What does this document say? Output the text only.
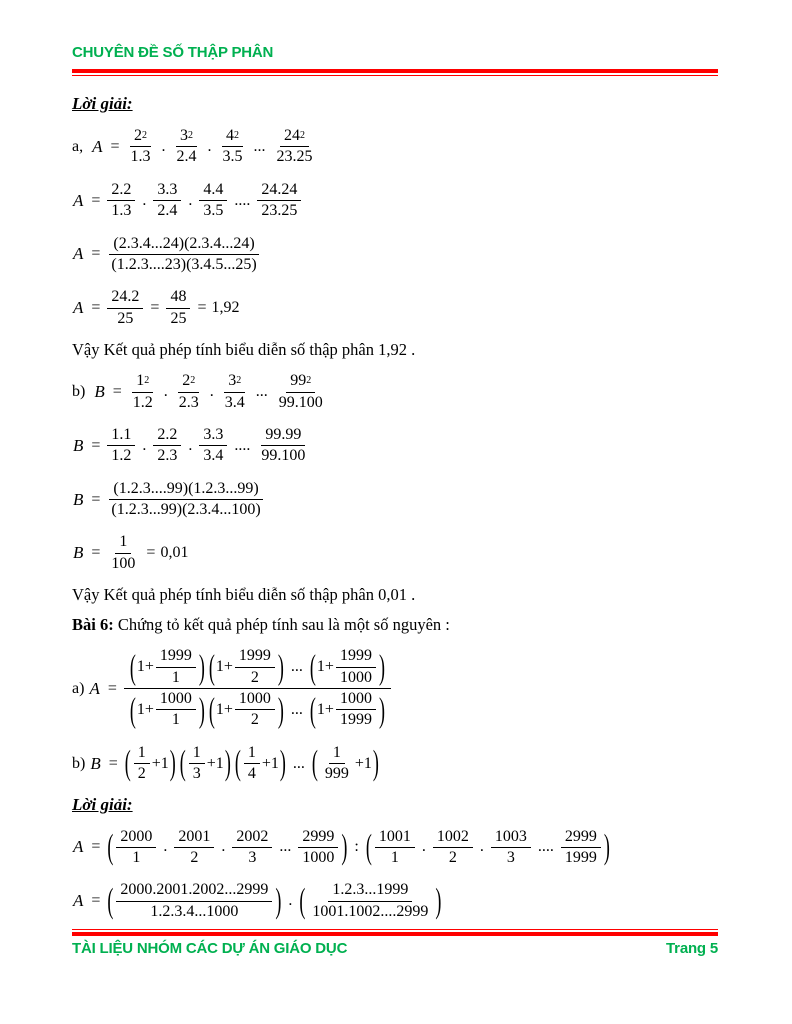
CHUYÊN ĐỀ SỐ THẬP PHÂN
Lời giải:
a, $A = \frac{2 2}{1.3}$ . $\frac{3 2}{2.4}$ . $\frac{4 2}{3.5}$ ... $\frac{24 2}{23.25}$
$A = \frac{2.2}{1.3}$ . $\frac{3.3}{2.4}$ . $\frac{4.4}{3.5}$ .... $\frac{24.24}{23.25}$
$A = \frac{(2.3.4...24)(2.3.4...24)}{(1.2.3....23)(3.4.5...25)}$
$A = \frac{24.2}{25} = \frac{48}{25} = 1,92$
Vậy Kết quả phép tính biểu diễn số thập phân 1,92 .
b) $B = \frac{1 2}{1.2}$ . $\frac{2 2}{2.3}$ . $\frac{3 2}{3.4}$ ... $\frac{99 2}{99.100}$
$B = \frac{1.1}{1.2}$ . $\frac{2.2}{2.3}$ . $\frac{3.3}{3.4}$ .... $\frac{99.99}{99.100}$
$B = \frac{(1.2.3....99)(1.2.3...99)}{(1.2.3...99)(2.3.4...100)}$
$B = \frac{1}{100} = 0,01$
Vậy Kết quả phép tính biểu diễn số thập phân 0,01 .
Bài 6: Chứng tỏ kết quả phép tính sau là một số nguyên :
a) $A = \frac{( 1+ \frac{1999}{1} ) ( 1+ \frac{1999}{2} ) ... ( 1+ \frac{1999}{1000} )}{( 1+ \frac{1000}{1} ) ( 1+ \frac{1000}{2} ) ... ( 1+ \frac{1000}{1999} )}$
b) B = ( $\frac{1}{2} +1$ ) ( $\frac{1}{3} +1$ ) ( $\frac{1}{4} +1$ ) ... ( $\frac{1}{999} +1$ )
Lời giải:
A = ( $\frac{2000}{1}$ . $\frac{2001}{2}$ . $\frac{2002}{3}$ ... $\frac{2999}{1000}$ ) : ( $\frac{1001}{1}$ . $\frac{1002}{2}$ . $\frac{1003}{3}$ .... $\frac{2999}{1999}$ )
A = ( $\frac{2000.2001.2002...2999}{1.2.3.4...1000}$ ) . ( $\frac{1.2.3...1999}{1001.1002....2999}$ )
TÀI LIỆU NHÓM CÁC DỰ ÁN GIÁO DỤC	Trang 5
